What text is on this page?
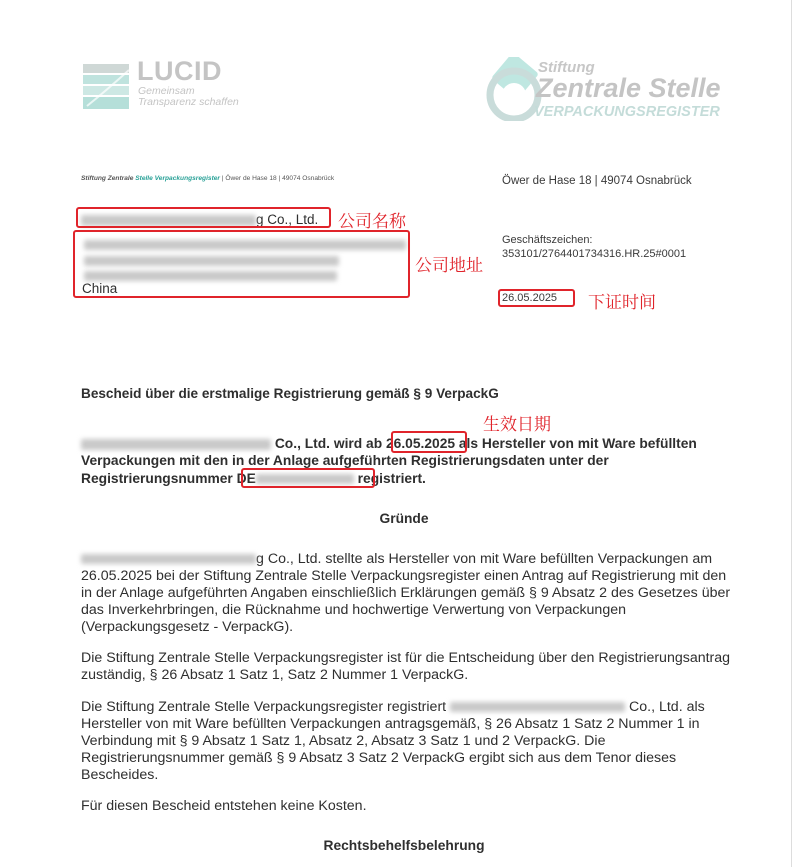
LUCID
Gemeinsam
Transparenz schaffen
Stiftung
Zentrale Stelle
VERPACKUNGSREGISTER
Stiftung Zentrale Stelle Verpackungsregister | Öwer de Hase 18 | 49074 Osnabrück	Öwer de Hase 18 | 49074 Osnabrück
Geschäftszeichen:
353101/2764401734316.HR.25#0001
26.05.2025
g Co., Ltd.
China
公司名称
公司地址
下证时间
Bescheid über die erstmalige Registrierung gemäß § 9 VerpackG
生效日期
Co., Ltd. wird ab 26.05.2025 als Hersteller von mit Ware befüllten
Verpackungen mit den in der Anlage aufgeführten Registrierungsdaten unter der
Registrierungsnummer DE	registriert.
Gründe
g Co., Ltd. stellte als Hersteller von mit Ware befüllten Verpackungen am
26.05.2025 bei der Stiftung Zentrale Stelle Verpackungsregister einen Antrag auf Registrierung mit den in der Anlage aufgeführten Angaben einschließlich Erklärungen gemäß § 9 Absatz 2 des Gesetzes über das Inverkehrbringen, die Rücknahme und hochwertige Verwertung von Verpackungen (Verpackungsgesetz - VerpackG).
Die Stiftung Zentrale Stelle Verpackungsregister ist für die Entscheidung über den Registrierungsantrag zuständig, § 26 Absatz 1 Satz 1, Satz 2 Nummer 1 VerpackG.
Die Stiftung Zentrale Stelle Verpackungsregister registriert	Co., Ltd. als
Hersteller von mit Ware befüllten Verpackungen antragsgemäß, § 26 Absatz 1 Satz 2 Nummer 1 in Verbindung mit § 9 Absatz 1 Satz 1, Absatz 2, Absatz 3 Satz 1 und 2 VerpackG. Die Registrierungsnummer gemäß § 9 Absatz 3 Satz 2 VerpackG ergibt sich aus dem Tenor dieses Bescheides.
Für diesen Bescheid entstehen keine Kosten.
Rechtsbehelfsbelehrung
